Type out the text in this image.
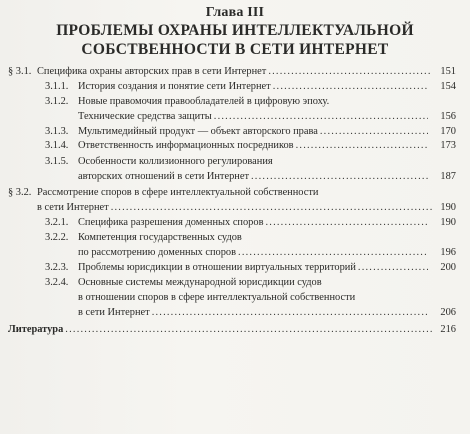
Глава III
ПРОБЛЕМЫ ОХРАНЫ ИНТЕЛЛЕКТУАЛЬНОЙ
СОБСТВЕННОСТИ В СЕТИ ИНТЕРНЕТ
§ 3.1. Специфика охраны авторских прав в сети Интернет .....	151
3.1.1. История создания и понятие сети Интернет .....	154
3.1.2. Новые правомочия правообладателей в цифровую эпоху.
Технические средства защиты .....	156
3.1.3. Мультимедийный продукт — объект авторского права .....	170
3.1.4. Ответственность информационных посредников .....	173
3.1.5. Особенности коллизионного регулирования
авторских отношений в сети Интернет .....	187
§ 3.2. Рассмотрение споров в сфере интеллектуальной собственности
в сети Интернет .....	190
3.2.1. Специфика разрешения доменных споров .....	190
3.2.2. Компетенция государственных судов
по рассмотрению доменных споров .....	196
3.2.3. Проблемы юрисдикции в отношении виртуальных территорий .....	200
3.2.4. Основные системы международной юрисдикции судов
в отношении споров в сфере интеллектуальной собственности
в сети Интернет .....	206
Литература .....	216
